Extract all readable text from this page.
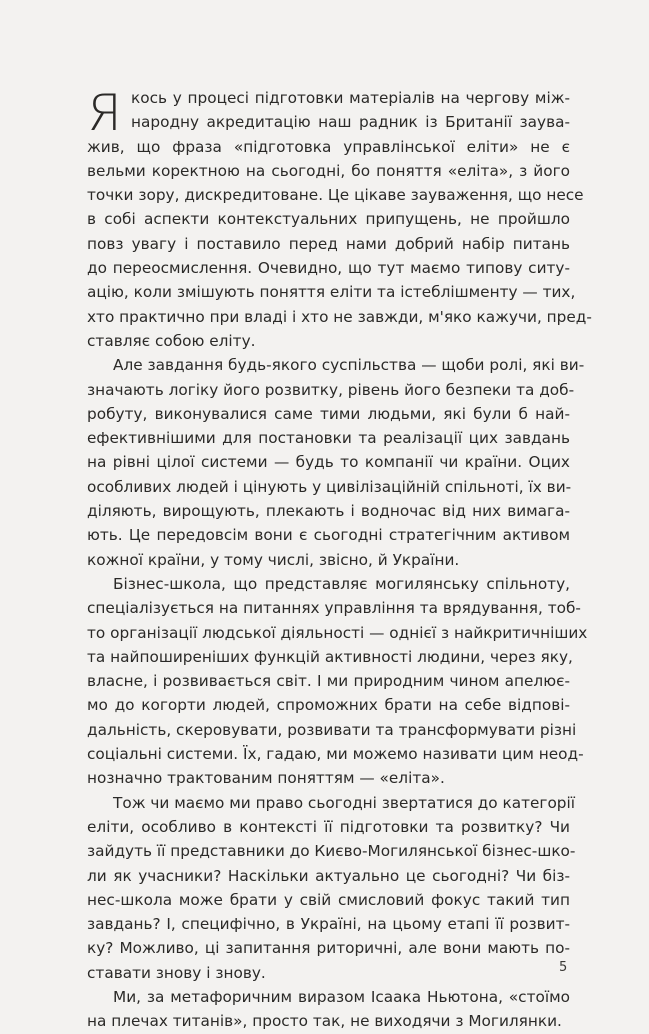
Я кось у процесі підготовки матеріалів на чергову між-
народну акредитацію наш радник із Британії заува-
жив, що фраза «підготовка управлінської еліти» не є
вельми коректною на сьогодні, бо поняття «еліта», з його
точки зору, дискредитоване. Це цікаве зауваження, що несе
в собі аспекти контекстуальних припущень, не пройшло
повз увагу і поставило перед нами добрий набір питань
до переосмислення. Очевидно, що тут маємо типову ситу-
ацію, коли змішують поняття еліти та істеблішменту — тих,
хто практично при владі і хто не завжди, м'яко кажучи, пред-
ставляє собою еліту.
Але завдання будь-якого суспільства — щоби ролі, які ви-
значають логіку його розвитку, рівень його безпеки та доб-
робуту, виконувалися саме тими людьми, які були б най-
ефективнішими для постановки та реалізації цих завдань
на рівні цілої системи — будь то компанії чи країни. Оцих
особливих людей і цінують у цивілізаційній спільноті, їх ви-
діляють, вирощують, плекають і водночас від них вимага-
ють. Це передовсім вони є сьогодні стратегічним активом
кожної країни, у тому числі, звісно, й України.
Бізнес-школа, що представляє могилянську спільноту,
спеціалізується на питаннях управління та врядування, тоб-
то організації людської діяльності — однієї з найкритичніших
та найпоширеніших функцій активності людини, через яку,
власне, і розвивається світ. І ми природним чином апелює-
мо до когорти людей, спроможних брати на себе відпові-
дальність, скеровувати, розвивати та трансформувати різні
соціальні системи. Їх, гадаю, ми можемо називати цим неод-
нозначно трактованим поняттям — «еліта».
Тож чи маємо ми право сьогодні звертатися до категорії
еліти, особливо в контексті її підготовки та розвитку? Чи
зайдуть її представники до Києво-Могилянської бізнес-шко-
ли як учасники? Наскільки актуально це сьогодні? Чи біз-
нес-школа може брати у свій смисловий фокус такий тип
завдань? І, специфічно, в Україні, на цьому етапі її розвит-
ку? Можливо, ці запитання риторичні, але вони мають по-
ставати знову і знову.
Ми, за метафоричним виразом Ісаака Ньютона, «стоїмо
на плечах титанів», просто так, не виходячи з Могилянки.
5
